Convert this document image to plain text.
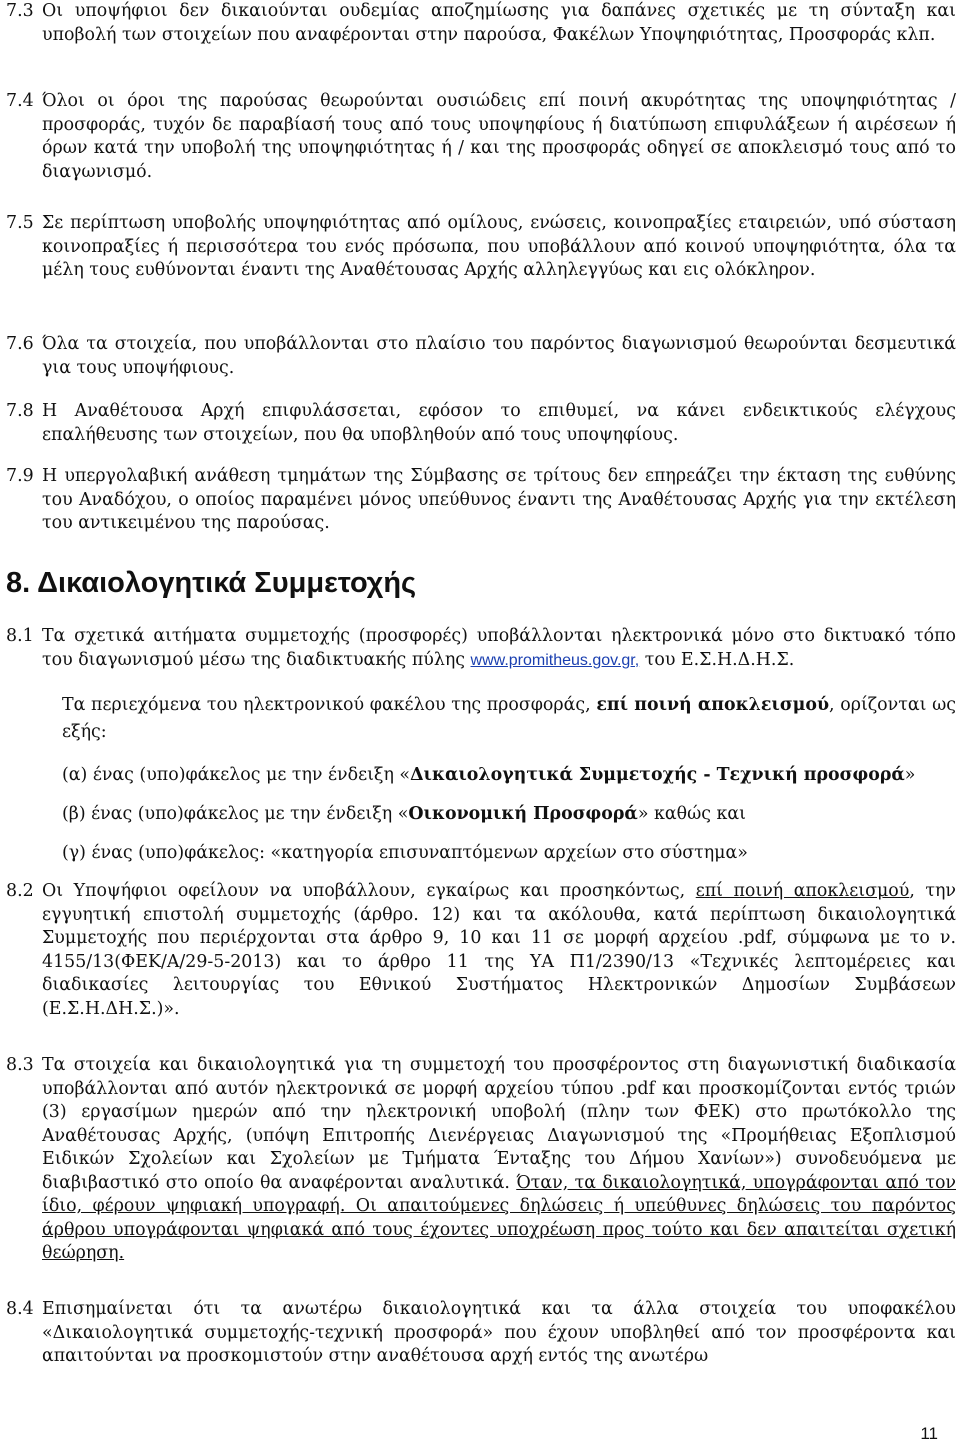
7.3 Οι υποψήφιοι δεν δικαιούνται ουδεμίας αποζημίωσης για δαπάνες σχετικές με τη σύνταξη και υποβολή των στοιχείων που αναφέρονται στην παρούσα, Φακέλων Υποψηφιότητας, Προσφοράς κλπ.
7.4 Όλοι οι όροι της παρούσας θεωρούνται ουσιώδεις επί ποινή ακυρότητας της υποψηφιότητας / προσφοράς, τυχόν δε παραβίασή τους από τους υποψηφίους ή διατύπωση επιφυλάξεων ή αιρέσεων ή όρων κατά την υποβολή της υποψηφιότητας ή / και της προσφοράς οδηγεί σε αποκλεισμό τους από το διαγωνισμό.
7.5 Σε περίπτωση υποβολής υποψηφιότητας από ομίλους, ενώσεις, κοινοπραξίες εταιρειών, υπό σύσταση κοινοπραξίες ή περισσότερα του ενός πρόσωπα, που υποβάλλουν από κοινού υποψηφιότητα, όλα τα μέλη τους ευθύνονται έναντι της Αναθέτουσας Αρχής αλληλεγγύως και εις ολόκληρον.
7.6 Όλα τα στοιχεία, που υποβάλλονται στο πλαίσιο του παρόντος διαγωνισμού θεωρούνται δεσμευτικά για τους υποψήφιους.
7.8 Η Αναθέτουσα Αρχή επιφυλάσσεται, εφόσον το επιθυμεί, να κάνει ενδεικτικούς ελέγχους επαλήθευσης των στοιχείων, που θα υποβληθούν από τους υποψηφίους.
7.9 Η υπεργολαβική ανάθεση τμημάτων της Σύμβασης σε τρίτους δεν επηρεάζει την έκταση της ευθύνης του Αναδόχου, ο οποίος παραμένει μόνος υπεύθυνος έναντι της Αναθέτουσας Αρχής για την εκτέλεση του αντικειμένου της παρούσας.
8. Δικαιολογητικά Συμμετοχής
8.1 Τα σχετικά αιτήματα συμμετοχής (προσφορές) υποβάλλονται ηλεκτρονικά μόνο στο δικτυακό τόπο του διαγωνισμού μέσω της διαδικτυακής πύλης www.promitheus.gov.gr, του Ε.Σ.Η.Δ.Η.Σ.
Τα περιεχόμενα του ηλεκτρονικού φακέλου της προσφοράς, επί ποινή αποκλεισμού, ορίζονται ως εξής:
(α) ένας (υπο)φάκελος με την ένδειξη «Δικαιολογητικά Συμμετοχής - Τεχνική προσφορά»
(β) ένας (υπο)φάκελος με την ένδειξη «Οικονομική Προσφορά» καθώς και
(γ) ένας (υπο)φάκελος: «κατηγορία επισυναπτόμενων αρχείων στο σύστημα»
8.2 Οι Υποψήφιοι οφείλουν να υποβάλλουν, εγκαίρως και προσηκόντως, επί ποινή αποκλεισμού, την εγγυητική επιστολή συμμετοχής (άρθρο. 12) και τα ακόλουθα, κατά περίπτωση δικαιολογητικά Συμμετοχής που περιέρχονται στα άρθρο 9, 10 και 11 σε μορφή αρχείου .pdf, σύμφωνα με το ν. 4155/13(ΦΕΚ/Α/29-5-2013) και το άρθρο 11 της ΥΑ Π1/2390/13 «Τεχνικές λεπτομέρειες και διαδικασίες λειτουργίας του Εθνικού Συστήματος Ηλεκτρονικών Δημοσίων Συμβάσεων (Ε.Σ.Η.ΔΗ.Σ.)».
8.3 Τα στοιχεία και δικαιολογητικά για τη συμμετοχή του προσφέροντος στη διαγωνιστική διαδικασία υποβάλλονται από αυτόν ηλεκτρονικά σε μορφή αρχείου τύπου .pdf και προσκομίζονται εντός τριών (3) εργασίμων ημερών από την ηλεκτρονική υποβολή (πλην των ΦΕΚ) στο πρωτόκολλο της Αναθέτουσας Αρχής, (υπόψη Επιτροπής Διενέργειας Διαγωνισμού της «Προμήθειας Εξοπλισμού Ειδικών Σχολείων και Σχολείων με Τμήματα Ένταξης του Δήμου Χανίων») συνοδευόμενα με διαβιβαστικό στο οποίο θα αναφέρονται αναλυτικά. Όταν, τα δικαιολογητικά, υπογράφονται από τον ίδιο, φέρουν ψηφιακή υπογραφή. Οι απαιτούμενες δηλώσεις ή υπεύθυνες δηλώσεις του παρόντος άρθρου υπογράφονται ψηφιακά από τους έχοντες υποχρέωση προς τούτο και δεν απαιτείται σχετική θεώρηση.
8.4 Επισημαίνεται ότι τα ανωτέρω δικαιολογητικά και τα άλλα στοιχεία του υποφακέλου «Δικαιολογητικά συμμετοχής-τεχνική προσφορά» που έχουν υποβληθεί από τον προσφέροντα και απαιτούνται να προσκομιστούν στην αναθέτουσα αρχή εντός της ανωτέρω
11
